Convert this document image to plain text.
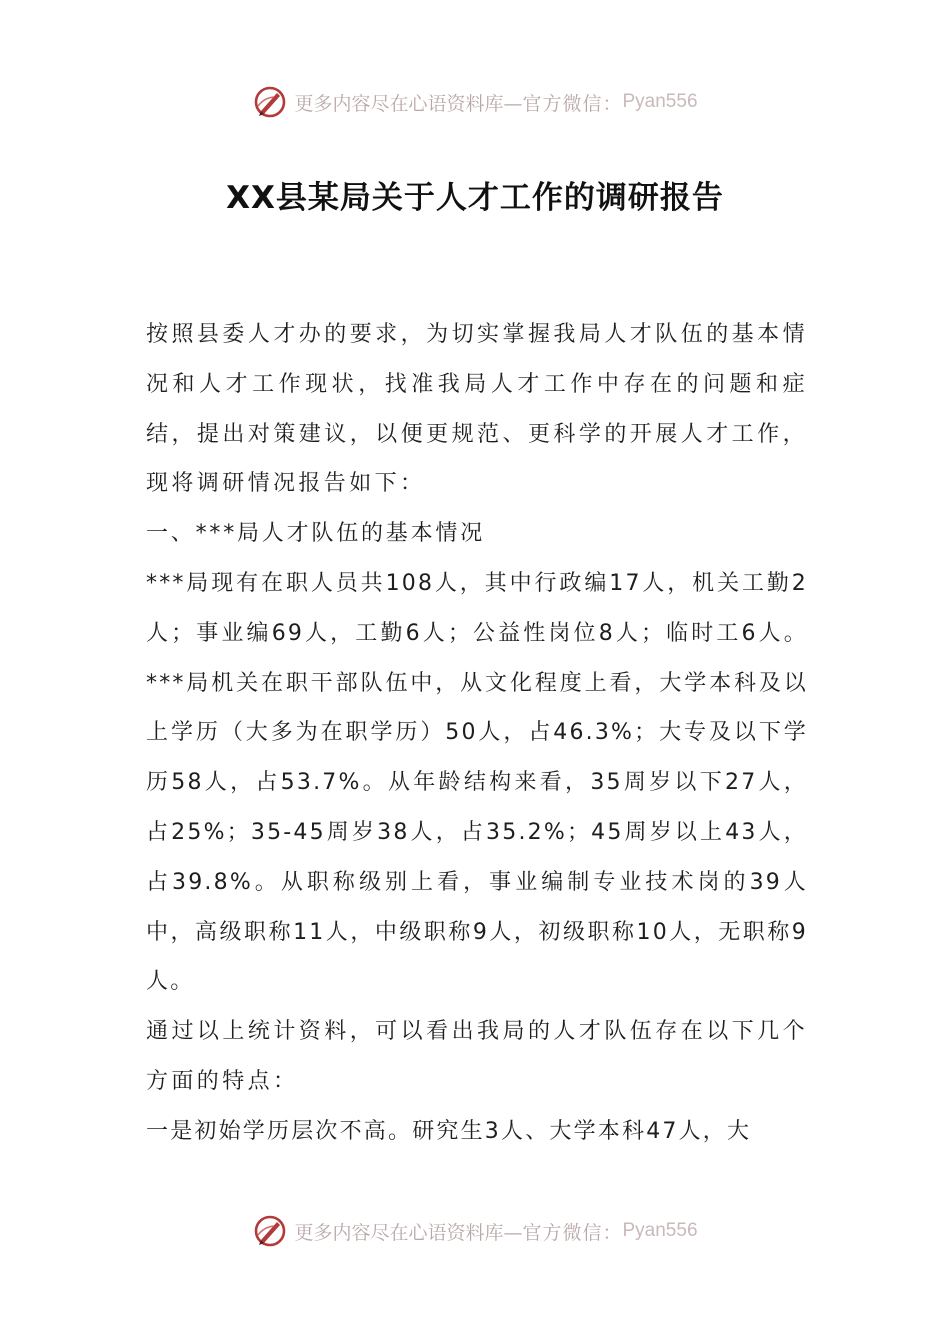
更多内容尽在心语资料库— 官方微信： Pyan556
XX县某局关于人才工作的调研报告

按照县委人才办的要求，为切实掌握我局人才队伍的基本情况和人才工作现状，找准我局人才工作中存在的问题和症结，提出对策建议，以便更规范、更科学的开展人才工作，现将调研情况报告如下：

一、***局人才队伍的基本情况

***局现有在职人员共108人，其中行政编17人，机关工勤2人；事业编69人，工勤6人；公益性岗位8人；临时工6人。***局机关在职干部队伍中，从文化程度上看，大学本科及以上学历（大多为在职学历）50人，占46.3%；大专及以下学历58人，占53.7%。从年龄结构来看，35周岁以下27人，占25%；35-45周岁38人，占35.2%；45周岁以上43人，占39.8%。从职称级别上看，事业编制专业技术岗的39人中，高级职称11人，中级职称9人，初级职称10人，无职称9人。

通过以上统计资料，可以看出我局的人才队伍存在以下几个方面的特点：

一是初始学历层次不高。研究生3人、大学本科47人，大

更多内容尽在心语资料库— 官方微信： Pyan556
